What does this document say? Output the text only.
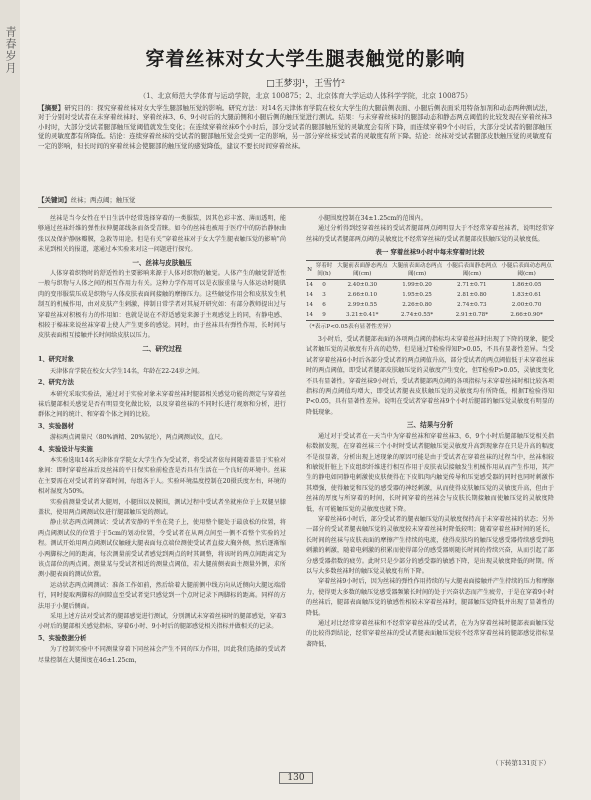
青春岁月	穿着丝袜对女大学生腿表触觉的影响
□王梦羽¹，王雪竹²
（1、北京师范大学体育与运动学院，北京 100875；2、北京体育大学运动人体科学学院，北京 100875）
【摘要】研究目的：探究穿着丝袜对女大学生腿部触压觉的影响。研究方法：对14名天津体育学院在校女大学生的大腿前侧表面、小腿后侧表面采用特备加剂和动态两种测试法，对于分别对受试者在未穿着丝袜时、穿着丝袜3、6、9小时后的大腿前侧和小腿后侧的触压觉进行测试。结果：与未穿着丝袜时的腿部动态和静态两点阈值的比较发现在穿着丝袜3小时时，大部分受试者腿部触压觉阈值就发生变化；在连续穿着丝袜6个小时后，部分受试者的腿部触压觉的灵敏度会有所下降，而连续穿着9个小时后，大部分受试者的腿部触压觉的灵敏度都有所降低。结论：连续穿着丝袜的受试者的腿部触压觉会受到一定的影响，另一部分穿丝袜受试者的灵敏度有所下降。结论：丝袜对受试者腿部皮肤触压觉的灵敏度有一定的影响，但长时间的穿着丝袜会使腿部的触压觉的感觉降低，建议不要长时间穿着丝袜。
【关键词】丝袜；两点阈；触压觉

丝袜是当今女性在平日生活中经常选择穿着的一类服装，因其色彩丰富、薄而透明，能够通过丝袜纤维的弹性拉伸腿部线条而备受青睐。如今的丝袜也被用于医疗中的防治静脉曲张以及保护静脉瓣膜，急救等用途。但是有关“穿着丝袜对于女大学生腿表触压觉的影响”尚未见到相关的报道，遂通过本实验来对这一问题进行探究。

一、丝袜与皮肤触压

人体穿着织物时的舒适性的主要影响来源于人体对织物的触觉。人体产生的触觉舒适性一般与织物与人体之间的相互作用力有关。这种力学作用可以是衣服重量与人体运动时随肌肉的变形服装压成是织物与人体皮肤表面间接触的摩擦压力。这些触觉作用会和皮肤发生机制互的机械作用，由对皮肤产生刺激，抑制日常学者对其展开研究如：有部分教师提出过与穿着丝袜对积极有力的作用如：也就是说在不舒适感觉来源于主观感觉上的同，有静电感、相较于棉袜来说丝袜穿着上使人产生更多的感觉。同时，由于丝袜具有弹性作用，长时间与皮肤表面相互接触并长时间给皮肤以压力。

二、研究过程
1、研究对象

天津体育学院在校女大学生14名，年龄在22-24岁之间。

2、研究方法

本研究采取实验法，通过对于实验对象未穿着丝袜时腿部相关感觉功能的测定与穿着丝袜后腿部相关感觉是否有明显变化做比较，以及穿着丝袜的不同时长进行观察和分析，进行群体之间的统计、和穿着个体之间的比较。

3、实验器材

游标两点阈量尺（80%酒精、20%氨纶），两点阈测试仪，直尺。

4、实验设计与实施

本实验选取14名天津体育学院女大学生作为受试者，将受试者依每间随着盖显于实验对象间：即时穿着丝袜后及丝袜的平日保实验前检查是否具有生活在一个良好的环境中。丝袜在主要需在对受试者的穿着时间，每组各于人。实验环境温度控制在20摄氏度左右，环境的相对湿度为50%。

实验前测量受试者大腿周，小腿围以及膜围，测试过程中受试者坐就座位于上双腿呈膝盖状，使用两点阈测试仪进行腿部触压觉的测试。

静止状态两点阈测试：受试者安静的平坐在凳子上，使用整个腿处于最放松的位置，将两点阈测试仪的位置于于5cm的划动位置，令受试者在从两点间至一侧不看整个实验的过程。测试开始用两点阈测试仪触碰大腿表面每点端位测使受试者直接大胸外侧，然后逐渐缩小两脚标之间的距离，每次测量前受试者感觉到两点的时其调整，将该时的两点间距离定为该点部位的两点阈。测量某与受试者相近的测量点阈值，若大腿前侧表面主测量外侧，求所测小腿表面的测试位置。

运动状态两点阈测试：准备工作如前，然后给着大腿前侧中线方向从近侧向大腿远端滑行，同时提取两脚标的间隙直至受试者觉只感觉到一个点时记录下两脚标的距离。同样的方法用于小腿后侧面。

采用上述方法对受试者的腿部感觉进行测试，分别测试未穿着丝袜时的腿部感觉，穿着3小时后的腿部相关感觉指标，穿着6小时、9小时后的腿部感觉相关指标并做相关的记录。

5、实验数据分析

为了控制实验中不同测量穿着下同丝袜会产生不同的压力作用，因此我们选择的受试者尽量控制在大腿围度在46±1.25cm，

小腿围度控制在34±1.25cm的范围内。

通过分析得到经穿着丝袜的受试者腿部两点阈明显大于不经常穿着丝袜者，说明经常穿丝袜的受试者腿部两点阈的灵敏度比不经常穿丝袜的受试者腿部皮肤触压觉的灵敏度低。

表一 穿着丝袜9小时中每未穿着时比较
N	穿着时间(h)	大腿前表面静态两点阈(cm)	大腿前表面动态两点阈(cm)	小腿后表面静态两点阈(cm)	小腿后表面动态两点阈(cm)
14	0	2.40±0.30	1.99±0.20	2.71±0.71	1.86±0.05
14	3	2.66±0.10	1.95±0.25	2.81±0.80	1.83±0.61
14	6	2.99±0.55	2.26±0.80	2.74±0.73	2.00±0.70
14	9	3.21±0.41*	2.74±0.55*	2.91±0.78*	2.66±0.90*
（*表示P<0.05表有显著性差异）

3小时后，受试者腿部表面的各项两点阈的指标均未穿着丝袜时出现了下降的现象，腿受试者触压觉的灵敏度有升高的趋势，但是通过T检验得知P>0.05，不具有显著性差异。当受试者穿着丝袜6小时后各部分受试者的两点阈值升高，部分受试者的两点阈值低于未穿着丝袜时的两点阈值，即受试者腿部皮肤触压觉的灵敏度产生变化，但T检验P>0.05，灵敏度变化不具有显著性。穿着丝袜9小时后，受试者腿部两点阈的各项指标与未穿着丝袜时相比较各项指标的两点阈值均增大，即受试者腿表皮肤触压觉的灵敏度均有所降低，根据T检验得知P<0.05，具有显著性差异。说明在受试者穿着丝袜9个小时后腿部的触压觉灵敏度有明显的降低现象。

三、结果与分析

通过对于受试者在一天当中为穿着丝袜和穿着丝袜3、6、9个小时后腿部触压觉相关指标数据发现，在穿着丝袜三个小时时受试者腿触压觉灵敏度升高到现象存在只是升高的幅度不是很显著，分析出现上述现象的原因可能是由于受试者在穿着丝袜的过程当中，丝袜相较和敏锐肝脏上下皮组织纤维进行相互作用于皮肤表层接触发生机械作用从而产生作用，其产生的静电如同静电刺激使皮肤便得在下皮肌肉内触觉传导和压觉感受器的同时也同时刺激作其增强，使得触觉和压觉的感受器的神经刺激，从而使得皮肤触压觉的灵敏度升高，但由于丝袜的厚度与所穿着的时间，长时间穿着的丝袜会与皮肤长期接触而使触压觉的灵敏度降低，有可能触压觉的灵敏度也就下降。

穿着丝袜6小时后，部分受试者的腿表触压觉的灵敏度保持高于未穿着丝袜的状态；另外一部分的受试者腿表触压觉的灵敏度较未穿着丝袜时降低较明；随着穿着丝袜时间的延长，长时间的丝袜与皮肤表面的摩擦产生持续的电流，使得皮肤均的触压觉感受器持续感受到电刺激的刺激，随着电刺激的积累而使得部分的感受器则随长时间的持续兴奋，从而引起了部分感受器指数的疲劳。此时只是少部分的感受器的敏感下降，是出现灵敏度降低的时期。所以与大多数丝袜时的触压觉灵敏度有所下降。

穿着丝袜9小时后，因为丝袜的弹性作用持续的与大腿表面接触并产生持续的压力和摩擦力，使得更大多数的触压觉感受器频繁长时间的处于兴奋状态而产生疲劳，于是在穿着9小时的丝袜后，腿部表面触压觉的敏感性相较未穿着丝袜时，腿部触压觉降低并出现了显著性的降低。

通过对比经常穿着丝袜和不经常穿着丝袜的受试者，在为为穿着丝袜时腿部表面触压觉的比较得到结论，经常穿着丝袜的受试者腿表面触压觉较不经常穿着丝袜的腿部感觉指标显著降低，

（下转第131页下）
130
